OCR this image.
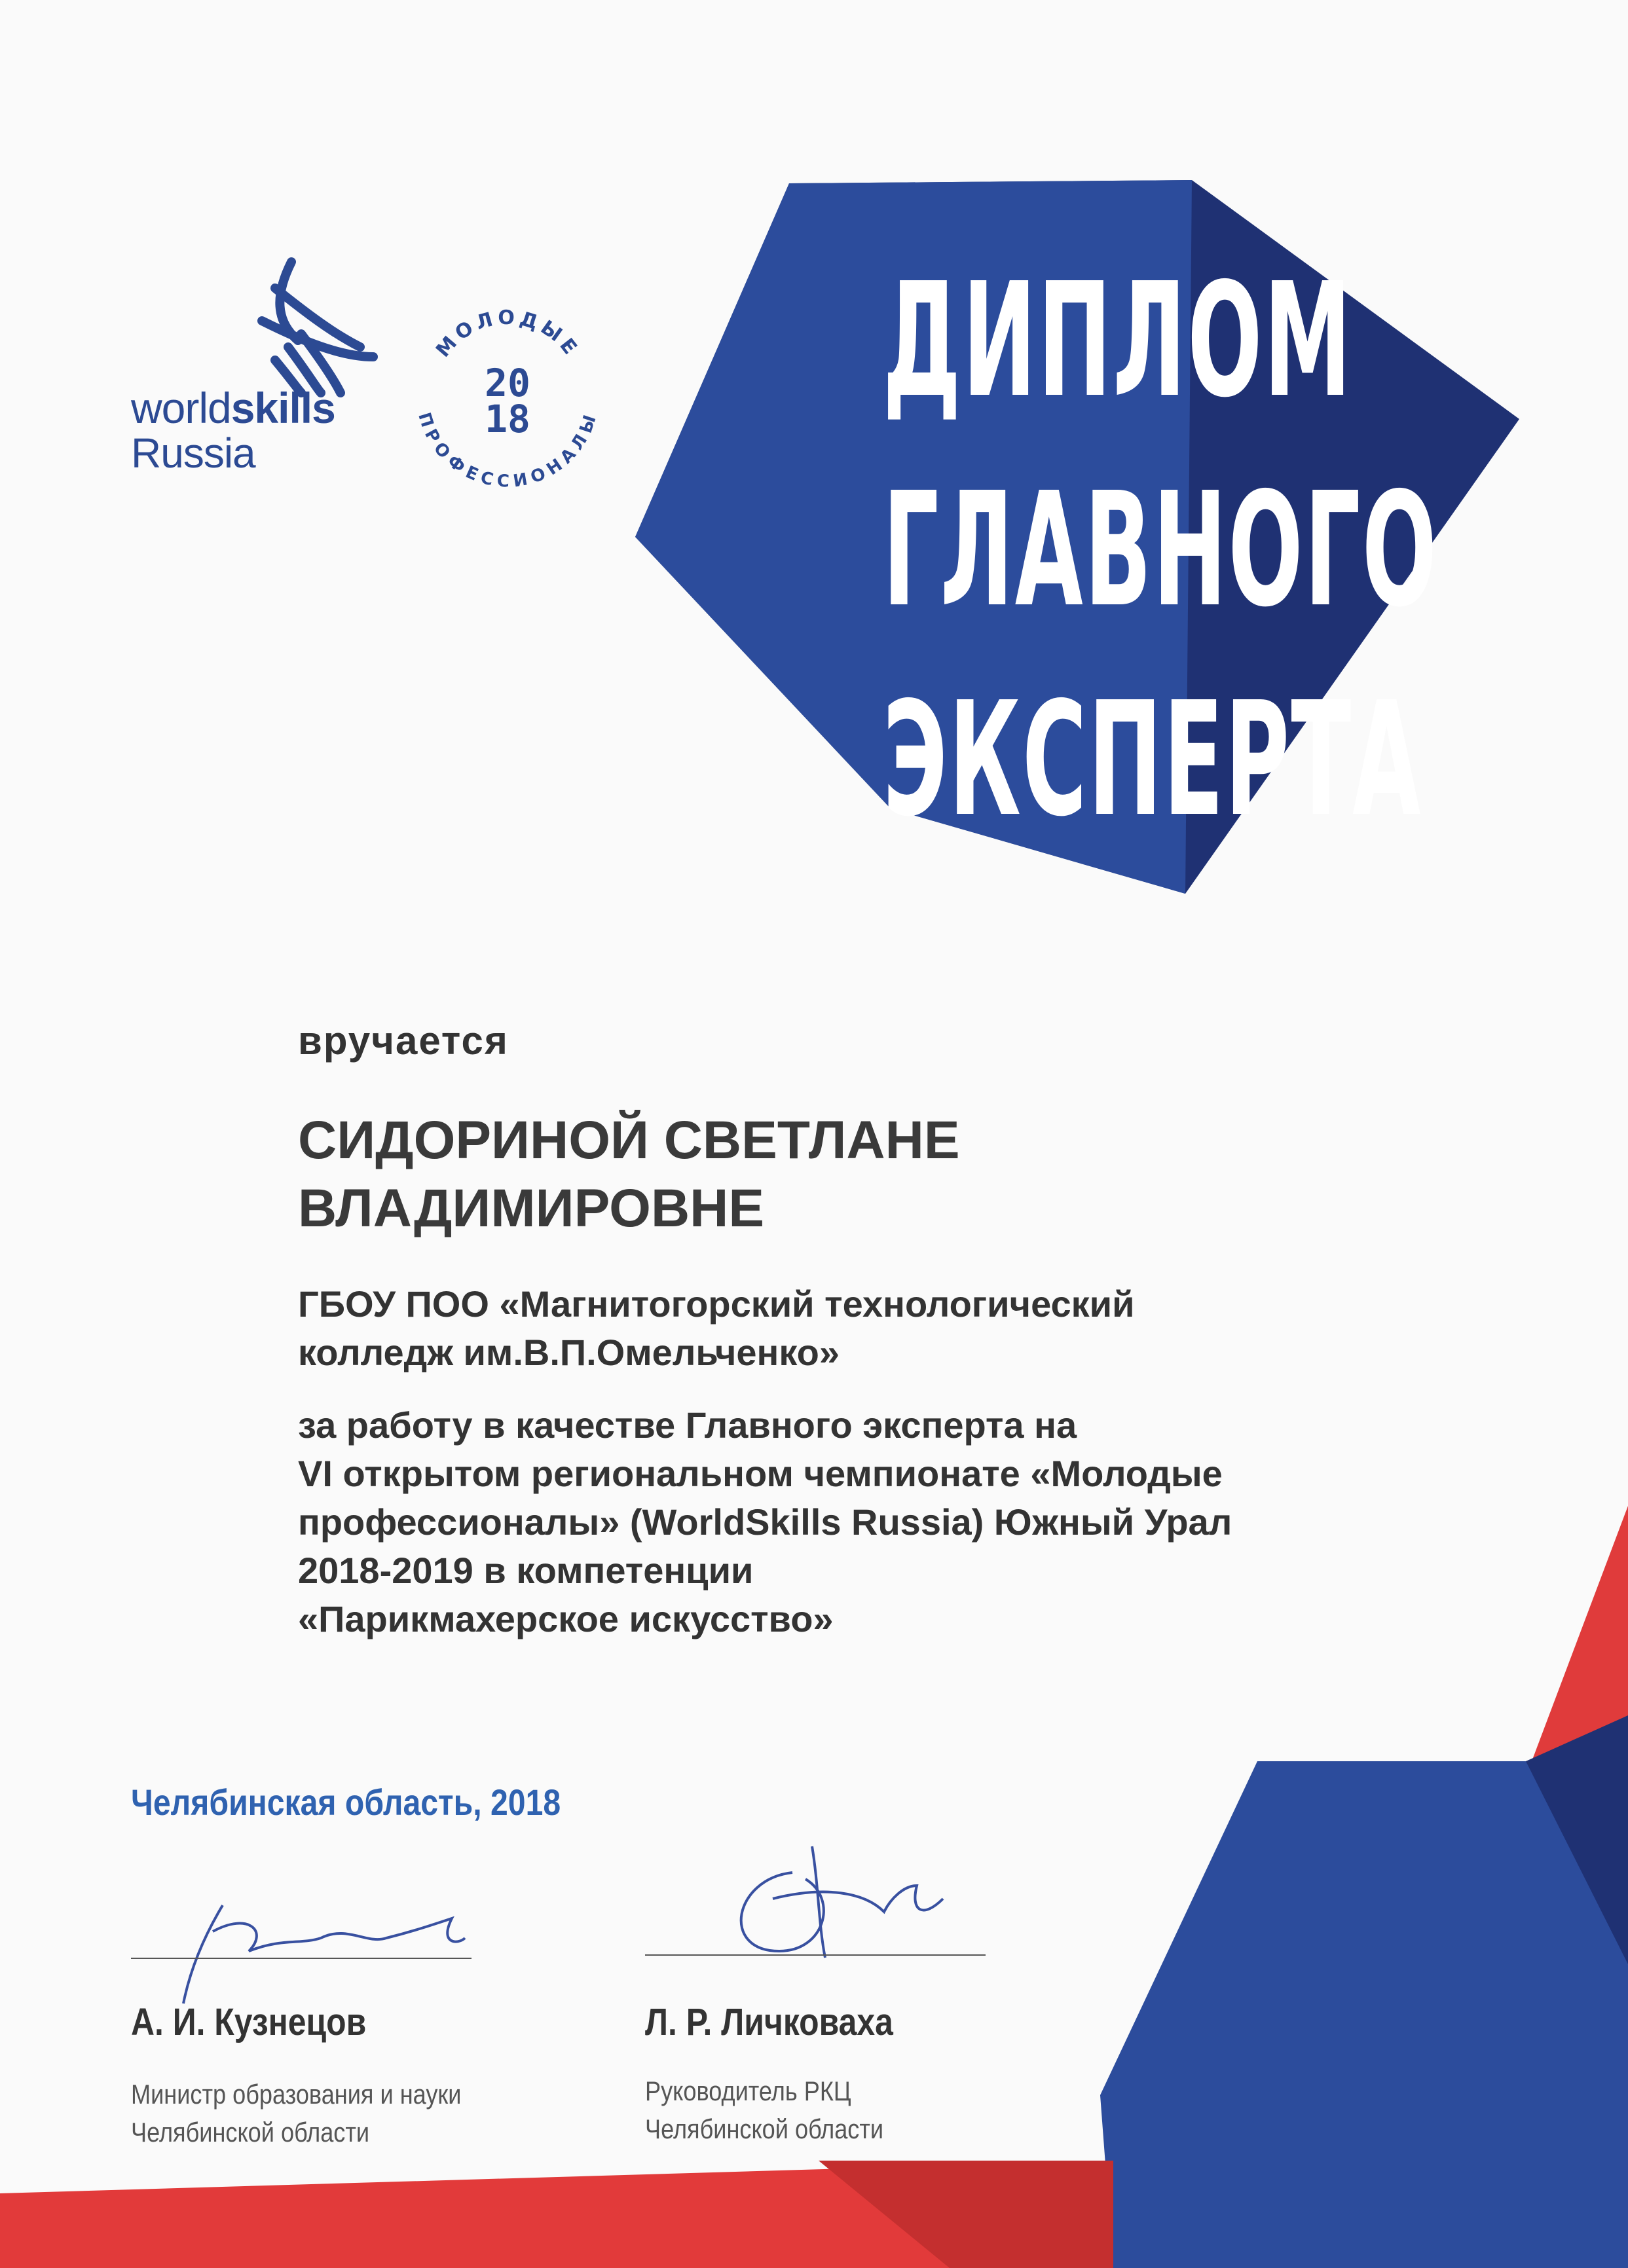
worldskills
Russia
МОЛОДЫЕ
ПРОФЕССИОНАЛЫ
20
18 ДИПЛОМ
ГЛАВНОГО
ЭКСПЕРТА
вручается
СИДОРИНОЙ СВЕТЛАНЕ
ВЛАДИМИРОВНЕ
ГБОУ ПОО «Магнитогорский технологический
колледж им.В.П.Омельченко»
за работу в качестве Главного эксперта на
VI открытом региональном чемпионате «Молодые
профессионалы» (WorldSkills Russia) Южный Урал
2018-2019 в компетенции
«Парикмахерское искусство»
Челябинская область, 2018
А. И. Кузнецов
Министр образования и науки
Челябинской области
Л. Р. Личковаха
Руководитель РКЦ
Челябинской области
